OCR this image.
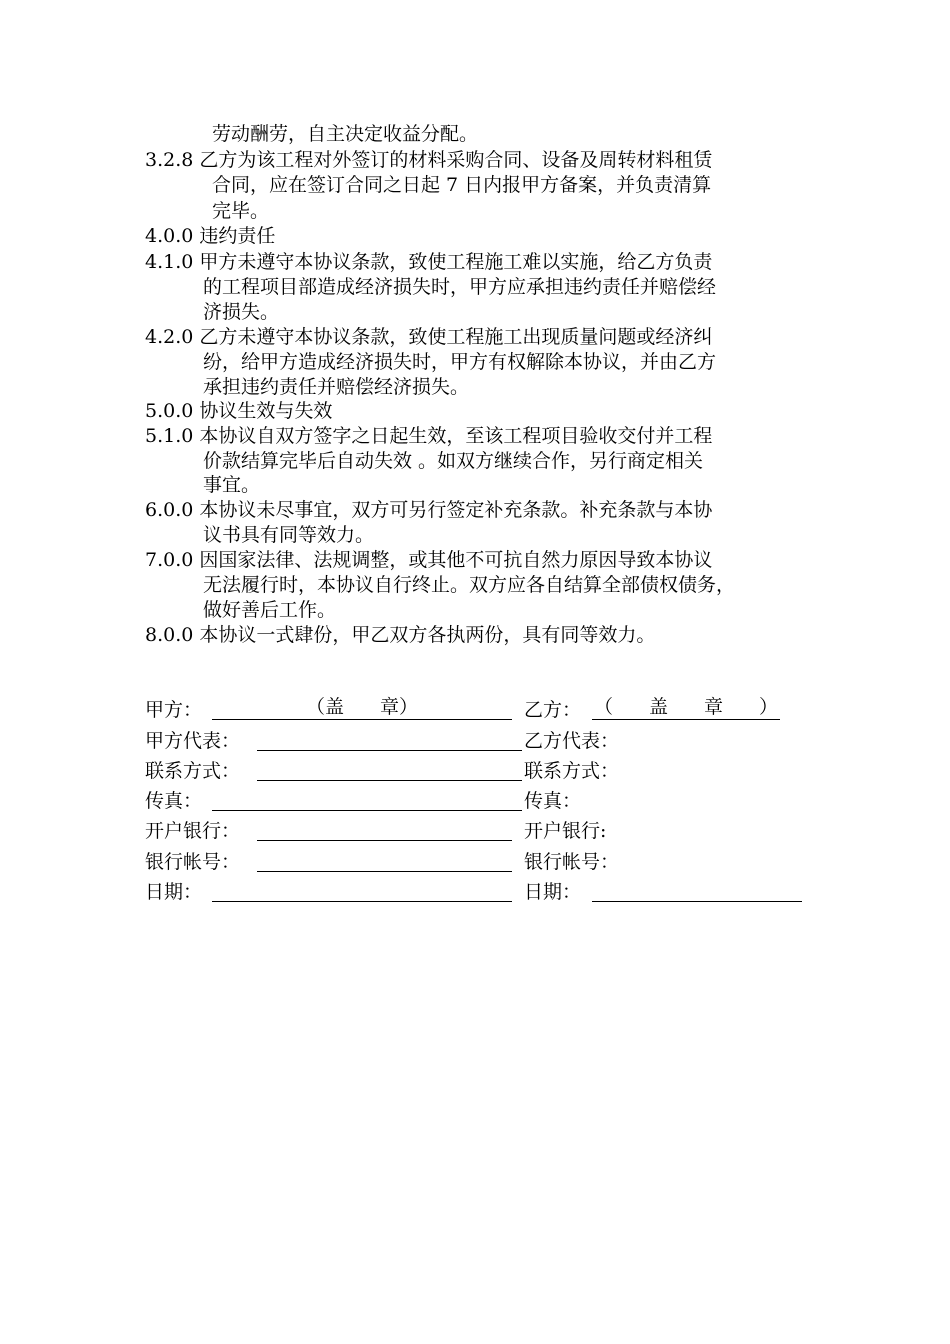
劳动酬劳，自主决定收益分配。
3.2.8 乙方为该工程对外签订的材料采购合同、设备及周转材料租赁
合同，应在签订合同之日起 7 日内报甲方备案，并负责清算
完毕。
4.0.0 违约责任
4.1.0 甲方未遵守本协议条款，致使工程施工难以实施，给乙方负责
的工程项目部造成经济损失时，甲方应承担违约责任并赔偿经
济损失。
4.2.0 乙方未遵守本协议条款，致使工程施工出现质量问题或经济纠
纷，给甲方造成经济损失时，甲方有权解除本协议，并由乙方
承担违约责任并赔偿经济损失。
5.0.0 协议生效与失效
5.1.0 本协议自双方签字之日起生效，至该工程项目验收交付并工程
价款结算完毕后自动失效 。如双方继续合作，另行商定相关
事宜。
6.0.0 本协议未尽事宜，双方可另行签定补充条款。补充条款与本协
议书具有同等效力。
7.0.0 因国家法律、法规调整，或其他不可抗自然力原因导致本协议
无法履行时，本协议自行终止。双方应各自结算全部债权债务，
做好善后工作。
8.0.0 本协议一式肆份，甲乙双方各执两份，具有同等效力。
甲方：	（盖 章）
甲方代表：
联系方式：
传真：
开户银行：
银行帐号：
日期：
乙方： （ 盖 章 ）
乙方代表：
联系方式：
传真：
开户银行:
银行帐号：
日期：
